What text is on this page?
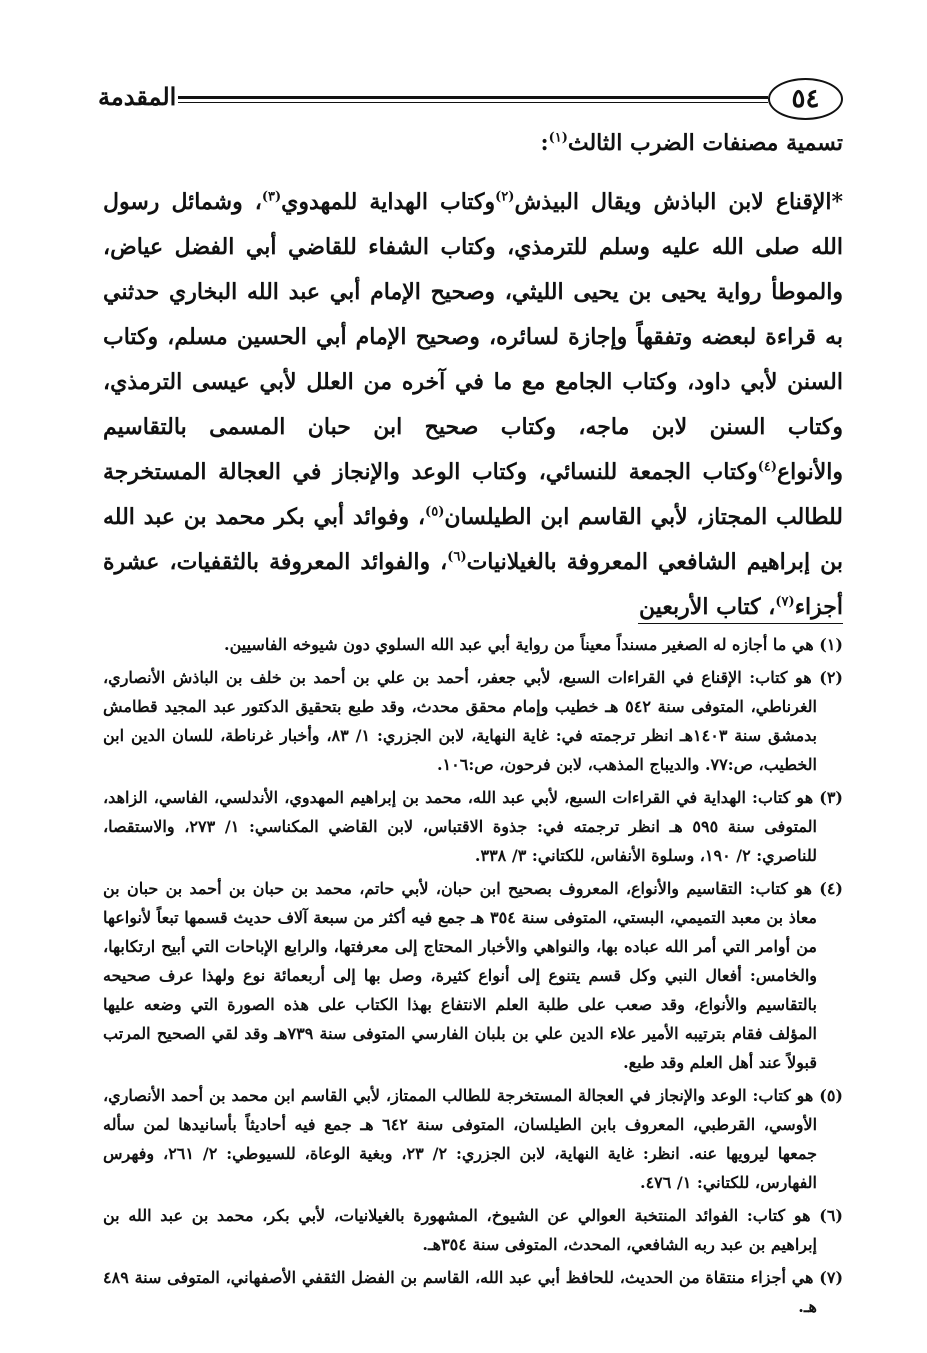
٥٤
المقدمة
تسمية مصنفات الضرب الثالث$^{(١)}$:

*الإقناع لابن الباذش ويقال البيذش$^{(٢)}$وكتاب الهداية للمهدوي$^{(٣)}$، وشمائل رسول الله صلى الله عليه وسلم للترمذي، وكتاب الشفاء للقاضي أبي الفضل عياض، والموطأ رواية يحيى بن يحيى الليثي، وصحيح الإمام أبي عبد الله البخاري حدثني به قراءة لبعضه وتفقهاً وإجازة لسائره، وصحيح الإمام أبي الحسين مسلم، وكتاب السنن لأبي داود، وكتاب الجامع مع ما في آخره من العلل لأبي عيسى الترمذي، وكتاب السنن لابن ماجه، وكتاب صحيح ابن حبان المسمى بالتقاسيم والأنواع$^{(٤)}$وكتاب الجمعة للنسائي، وكتاب الوعد والإنجاز في العجالة المستخرجة للطالب المجتاز، لأبي القاسم ابن الطيلسان$^{(٥)}$، وفوائد أبي بكر محمد بن عبد الله بن إبراهيم الشافعي المعروفة بالغيلانيات$^{(٦)}$، والفوائد المعروفة بالثقفيات، عشرة أجزاء$^{(٧)}$، كتاب الأربعين

(١) هي ما أجازه له الصغير مسنداً معيناً من رواية أبي عبد الله السلوي دون شيوخه الفاسيين.

(٢) هو كتاب: الإقناع في القراءات السبع، لأبي جعفر، أحمد بن علي بن أحمد بن خلف بن الباذش الأنصاري، الغرناطي، المتوفى سنة ٥٤٢ هـ خطيب وإمام محقق محدث، وقد طبع بتحقيق الدكتور عبد المجيد قطامش بدمشق سنة ١٤٠٣هـ انظر ترجمته في: غاية النهاية، لابن الجزري: ١/ ٨٣، وأخبار غرناطة، للسان الدين ابن الخطيب، ص:٧٧. والديباج المذهب، لابن فرحون، ص:١٠٦.

(٣) هو كتاب: الهداية في القراءات السبع، لأبي عبد الله، محمد بن إبراهيم المهدوي، الأندلسي، الفاسي، الزاهد، المتوفى سنة ٥٩٥ هـ انظر ترجمته في: جذوة الاقتباس، لابن القاضي المكناسي: ١/ ٢٧٣، والاستقصا، للناصري: ٢/ ١٩٠، وسلوة الأنفاس، للكتاني: ٣/ ٣٣٨.

(٤) هو كتاب: التقاسيم والأنواع، المعروف بصحيح ابن حبان، لأبي حاتم، محمد بن حبان بن أحمد بن حبان بن معاذ بن معبد التميمي، البستي، المتوفى سنة ٣٥٤ هـ جمع فيه أكثر من سبعة آلاف حديث قسمها تبعاً لأنواعها من أوامر التي أمر الله عباده بها، والنواهي والأخبار المحتاج إلى معرفتها، والرابع الإباحات التي أبيح ارتكابها، والخامس: أفعال النبي وكل قسم يتنوع إلى أنواع كثيرة، وصل بها إلى أربعمائة نوع ولهذا عرف صحيحه بالتقاسيم والأنواع، وقد صعب على طلبة العلم الانتفاع بهذا الكتاب على هذه الصورة التي وضعه عليها المؤلف فقام بترتيبه الأمير علاء الدين علي بن بلبان الفارسي المتوفى سنة ٧٣٩هـ وقد لقي الصحيح المرتب قبولاً عند أهل العلم وقد طبع.

(٥) هو كتاب: الوعد والإنجاز في العجالة المستخرجة للطالب الممتاز، لأبي القاسم ابن محمد بن أحمد الأنصاري، الأوسي، القرطبي، المعروف بابن الطيلسان، المتوفى سنة ٦٤٢ هـ جمع فيه أحاديثاً بأسانيدها لمن سأله جمعها ليرويها عنه. انظر: غاية النهاية، لابن الجزري: ٢/ ٢٣، وبغية الوعاة، للسيوطي: ٢/ ٢٦١، وفهرس الفهارس، للكتاني: ١/ ٤٧٦.

(٦) هو كتاب: الفوائد المنتخبة العوالي عن الشيوخ، المشهورة بالغيلانيات، لأبي بكر، محمد بن عبد الله بن إبراهيم بن عبد ربه الشافعي، المحدث، المتوفى سنة ٣٥٤هـ.

(٧) هي أجزاء منتقاة من الحديث، للحافظ أبي عبد الله، القاسم بن الفضل الثقفي الأصفهاني، المتوفى سنة ٤٨٩ هـ.
